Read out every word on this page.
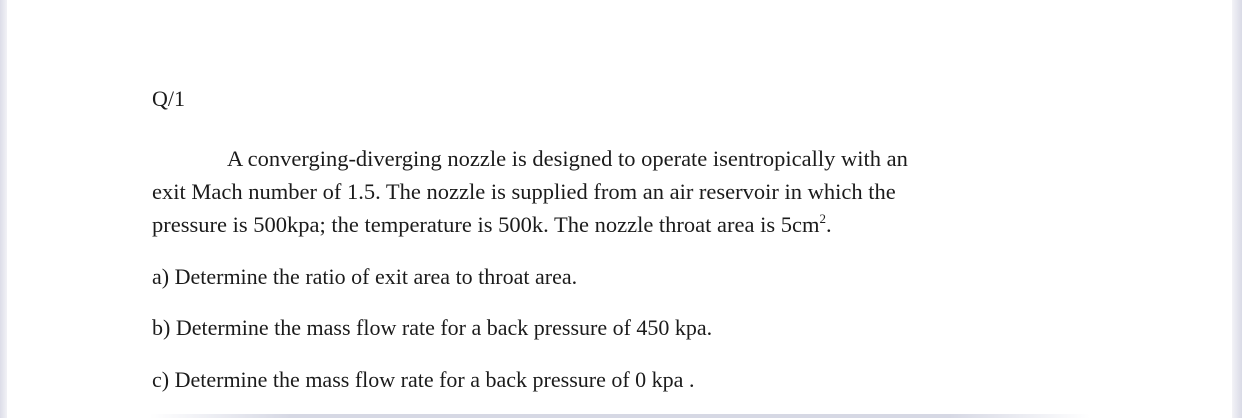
Q/1
A converging-diverging nozzle is designed to operate isentropically with an
exit Mach number of 1.5. The nozzle is supplied from an air reservoir in which the
pressure is 500kpa; the temperature is 500k. The nozzle throat area is $5cm^2$.
a) Determine the ratio of exit area to throat area.
b) Determine the mass flow rate for a back pressure of 450 kpa.
c) Determine the mass flow rate for a back pressure of 0 kpa .
